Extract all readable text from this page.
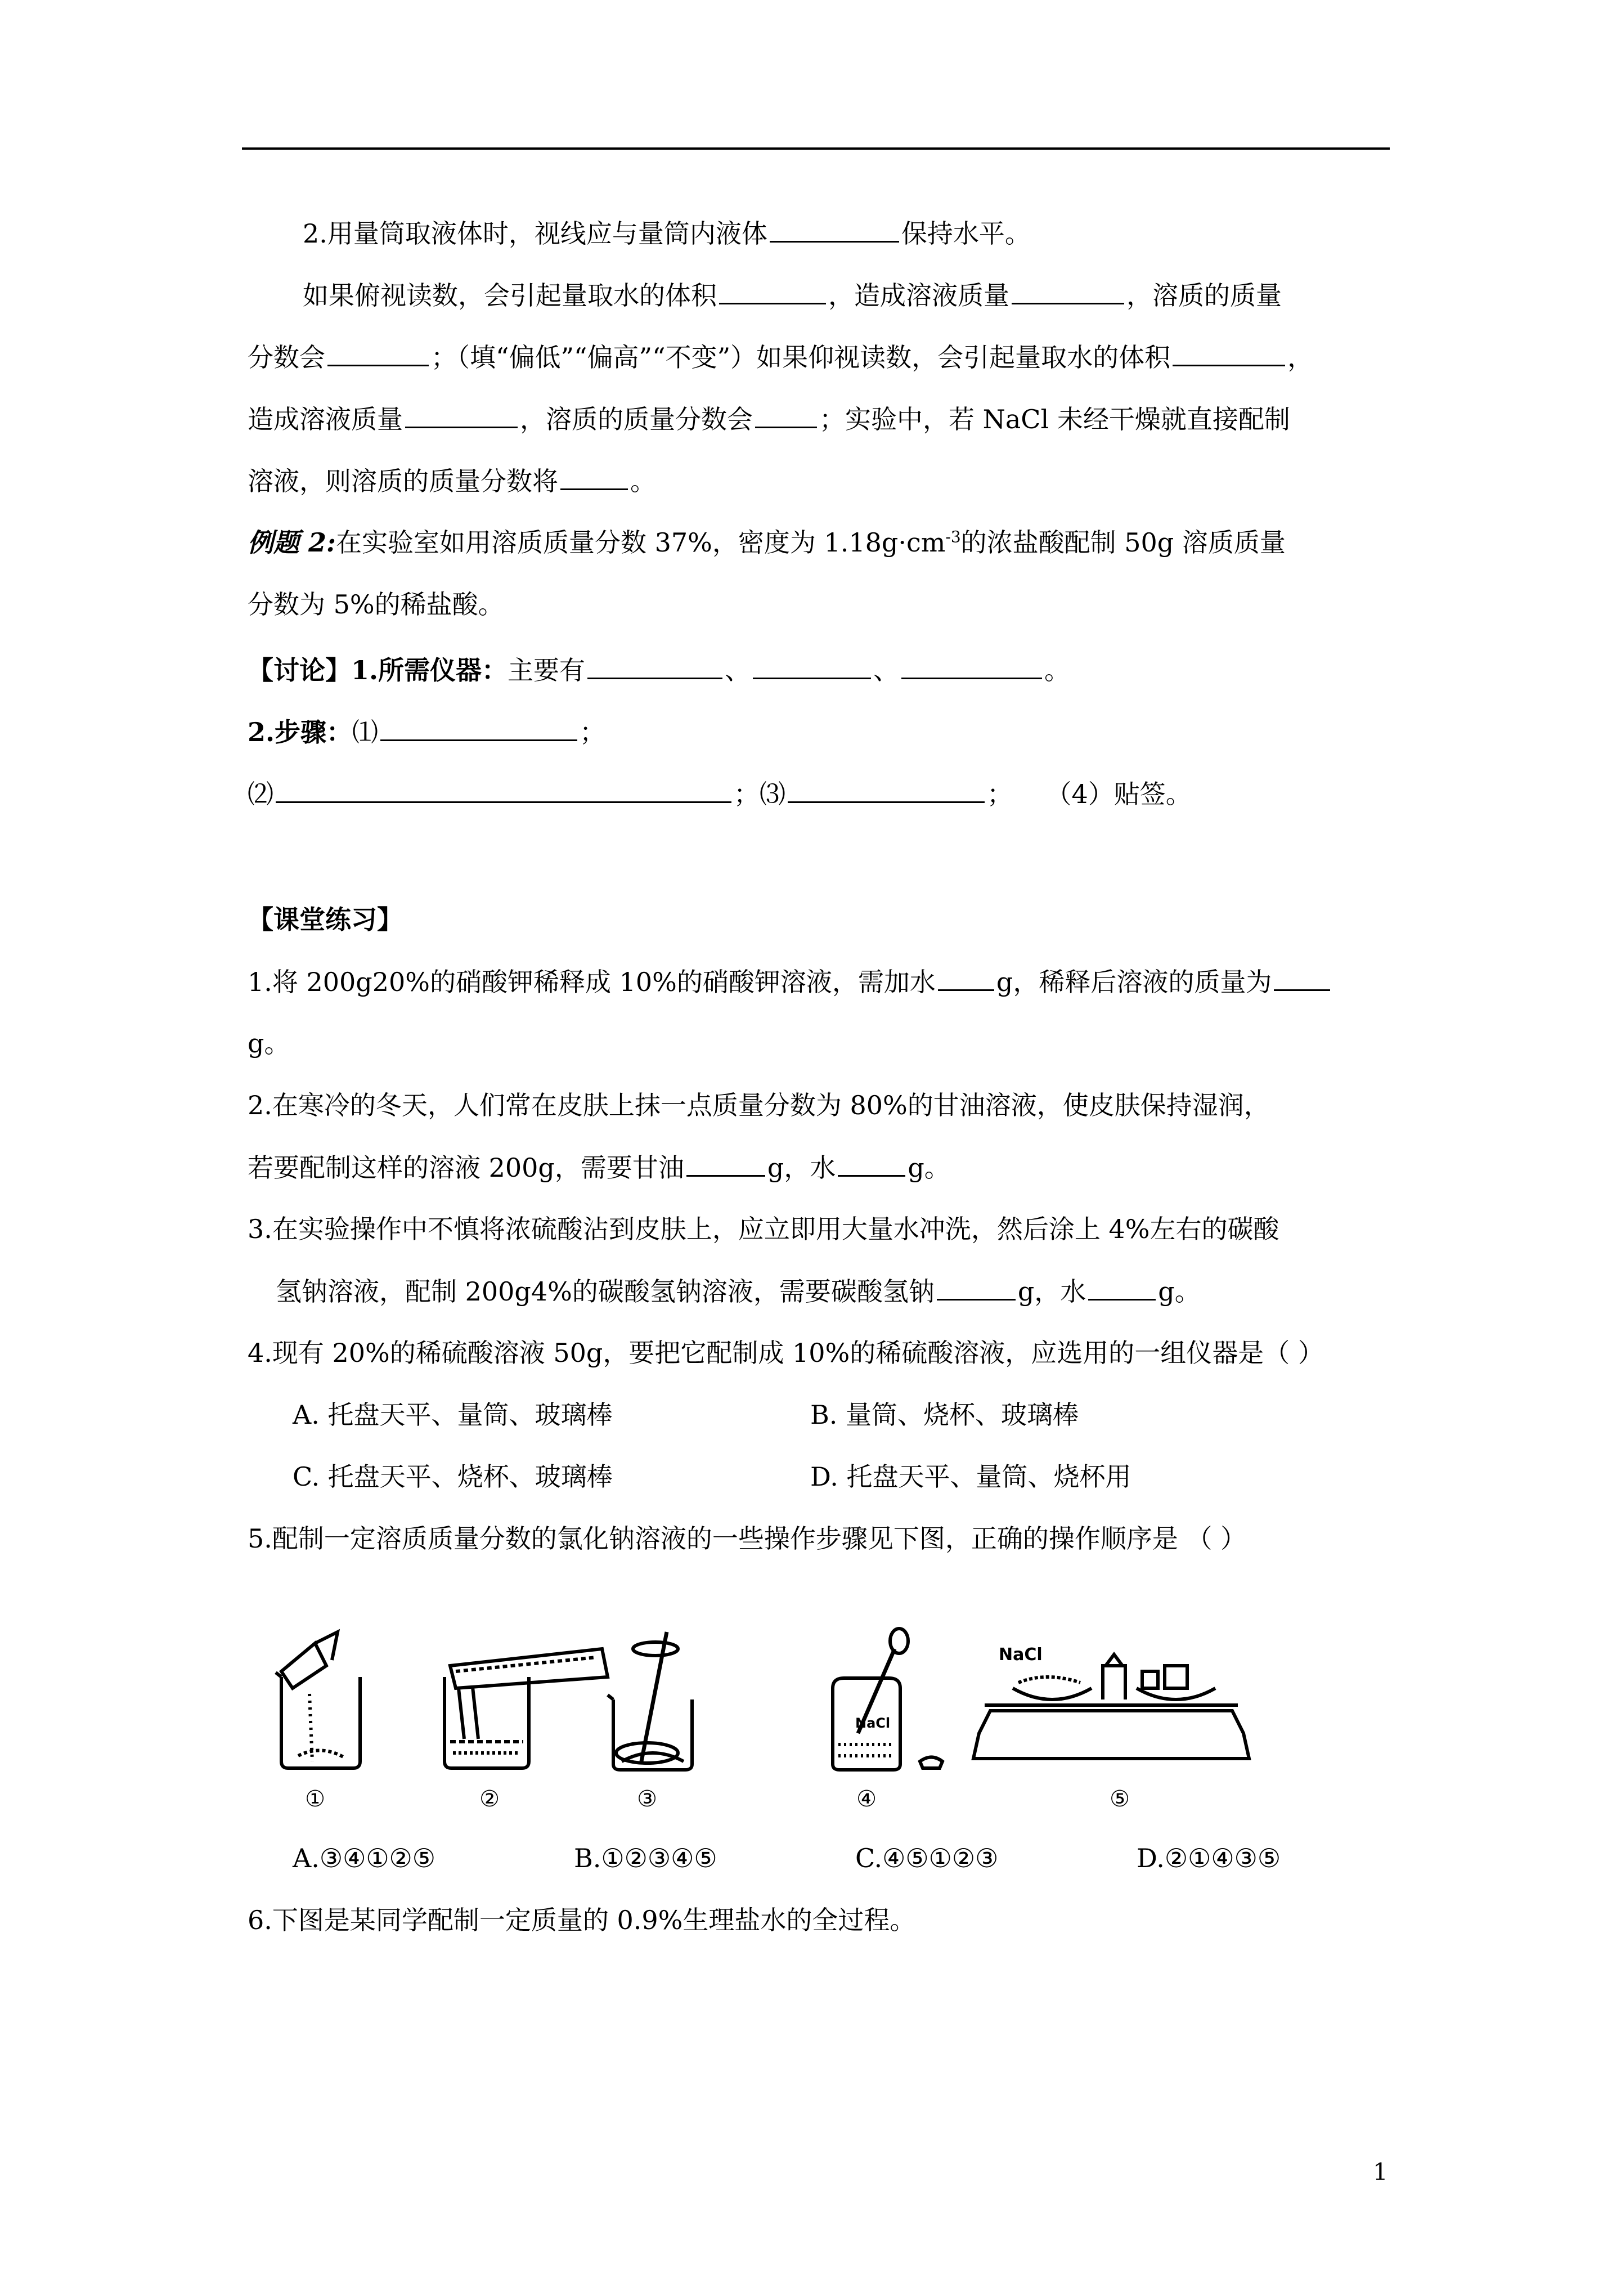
2.用量筒取液体时，视线应与量筒内液体	保持水平。
如果俯视读数，会引起量取水的体积	，造成溶液质量	，溶质的质量
分数会	；（填“偏低”“偏高”“不变”）如果仰视读数，会引起量取水的体积	，
造成溶液质量	，溶质的质量分数会	；实验中，若 NaCl 未经干燥就直接配制
溶液，则溶质的质量分数将	。
例题 2:在实验室如用溶质质量分数 37%，密度为 $1.18g\cdot cm^{-3}$的浓盐酸配制 50g 溶质质量
分数为 5%的稀盐酸。
【讨论】1.所需仪器：主要有	、	、	。
2.步骤：⑴	；
⑵	；⑶	； （4）贴签。
【课堂练习】
1.将 200g20%的硝酸钾稀释成 10%的硝酸钾溶液，需加水 g，稀释后溶液的质量为
g。
2.在寒冷的冬天，人们常在皮肤上抹一点质量分数为 80%的甘油溶液，使皮肤保持湿润，
若要配制这样的溶液 200g，需要甘油	g，水	g。
3.在实验操作中不慎将浓硫酸沾到皮肤上，应立即用大量水冲洗，然后涂上 4%左右的碳酸
氢钠溶液，配制 200g4%的碳酸氢钠溶液，需要碳酸氢钠	g，水	g。
4.现有 20%的稀硫酸溶液 50g，要把它配制成 10%的稀硫酸溶液，应选用的一组仪器是（ ）
A. 托盘天平、量筒、玻璃棒	B. 量筒、烧杯、玻璃棒
C. 托盘天平、烧杯、玻璃棒	D. 托盘天平、量筒、烧杯用
5.配制一定溶质质量分数的氯化钠溶液的一些操作步骤见下图，正确的操作顺序是 （ ）
①	②	③
NaCl
④
NaCl
⑤
A.③④①②⑤	B.①②③④⑤	C.④⑤①②③	D.②①④③⑤
6.下图是某同学配制一定质量的 0.9%生理盐水的全过程。
1
